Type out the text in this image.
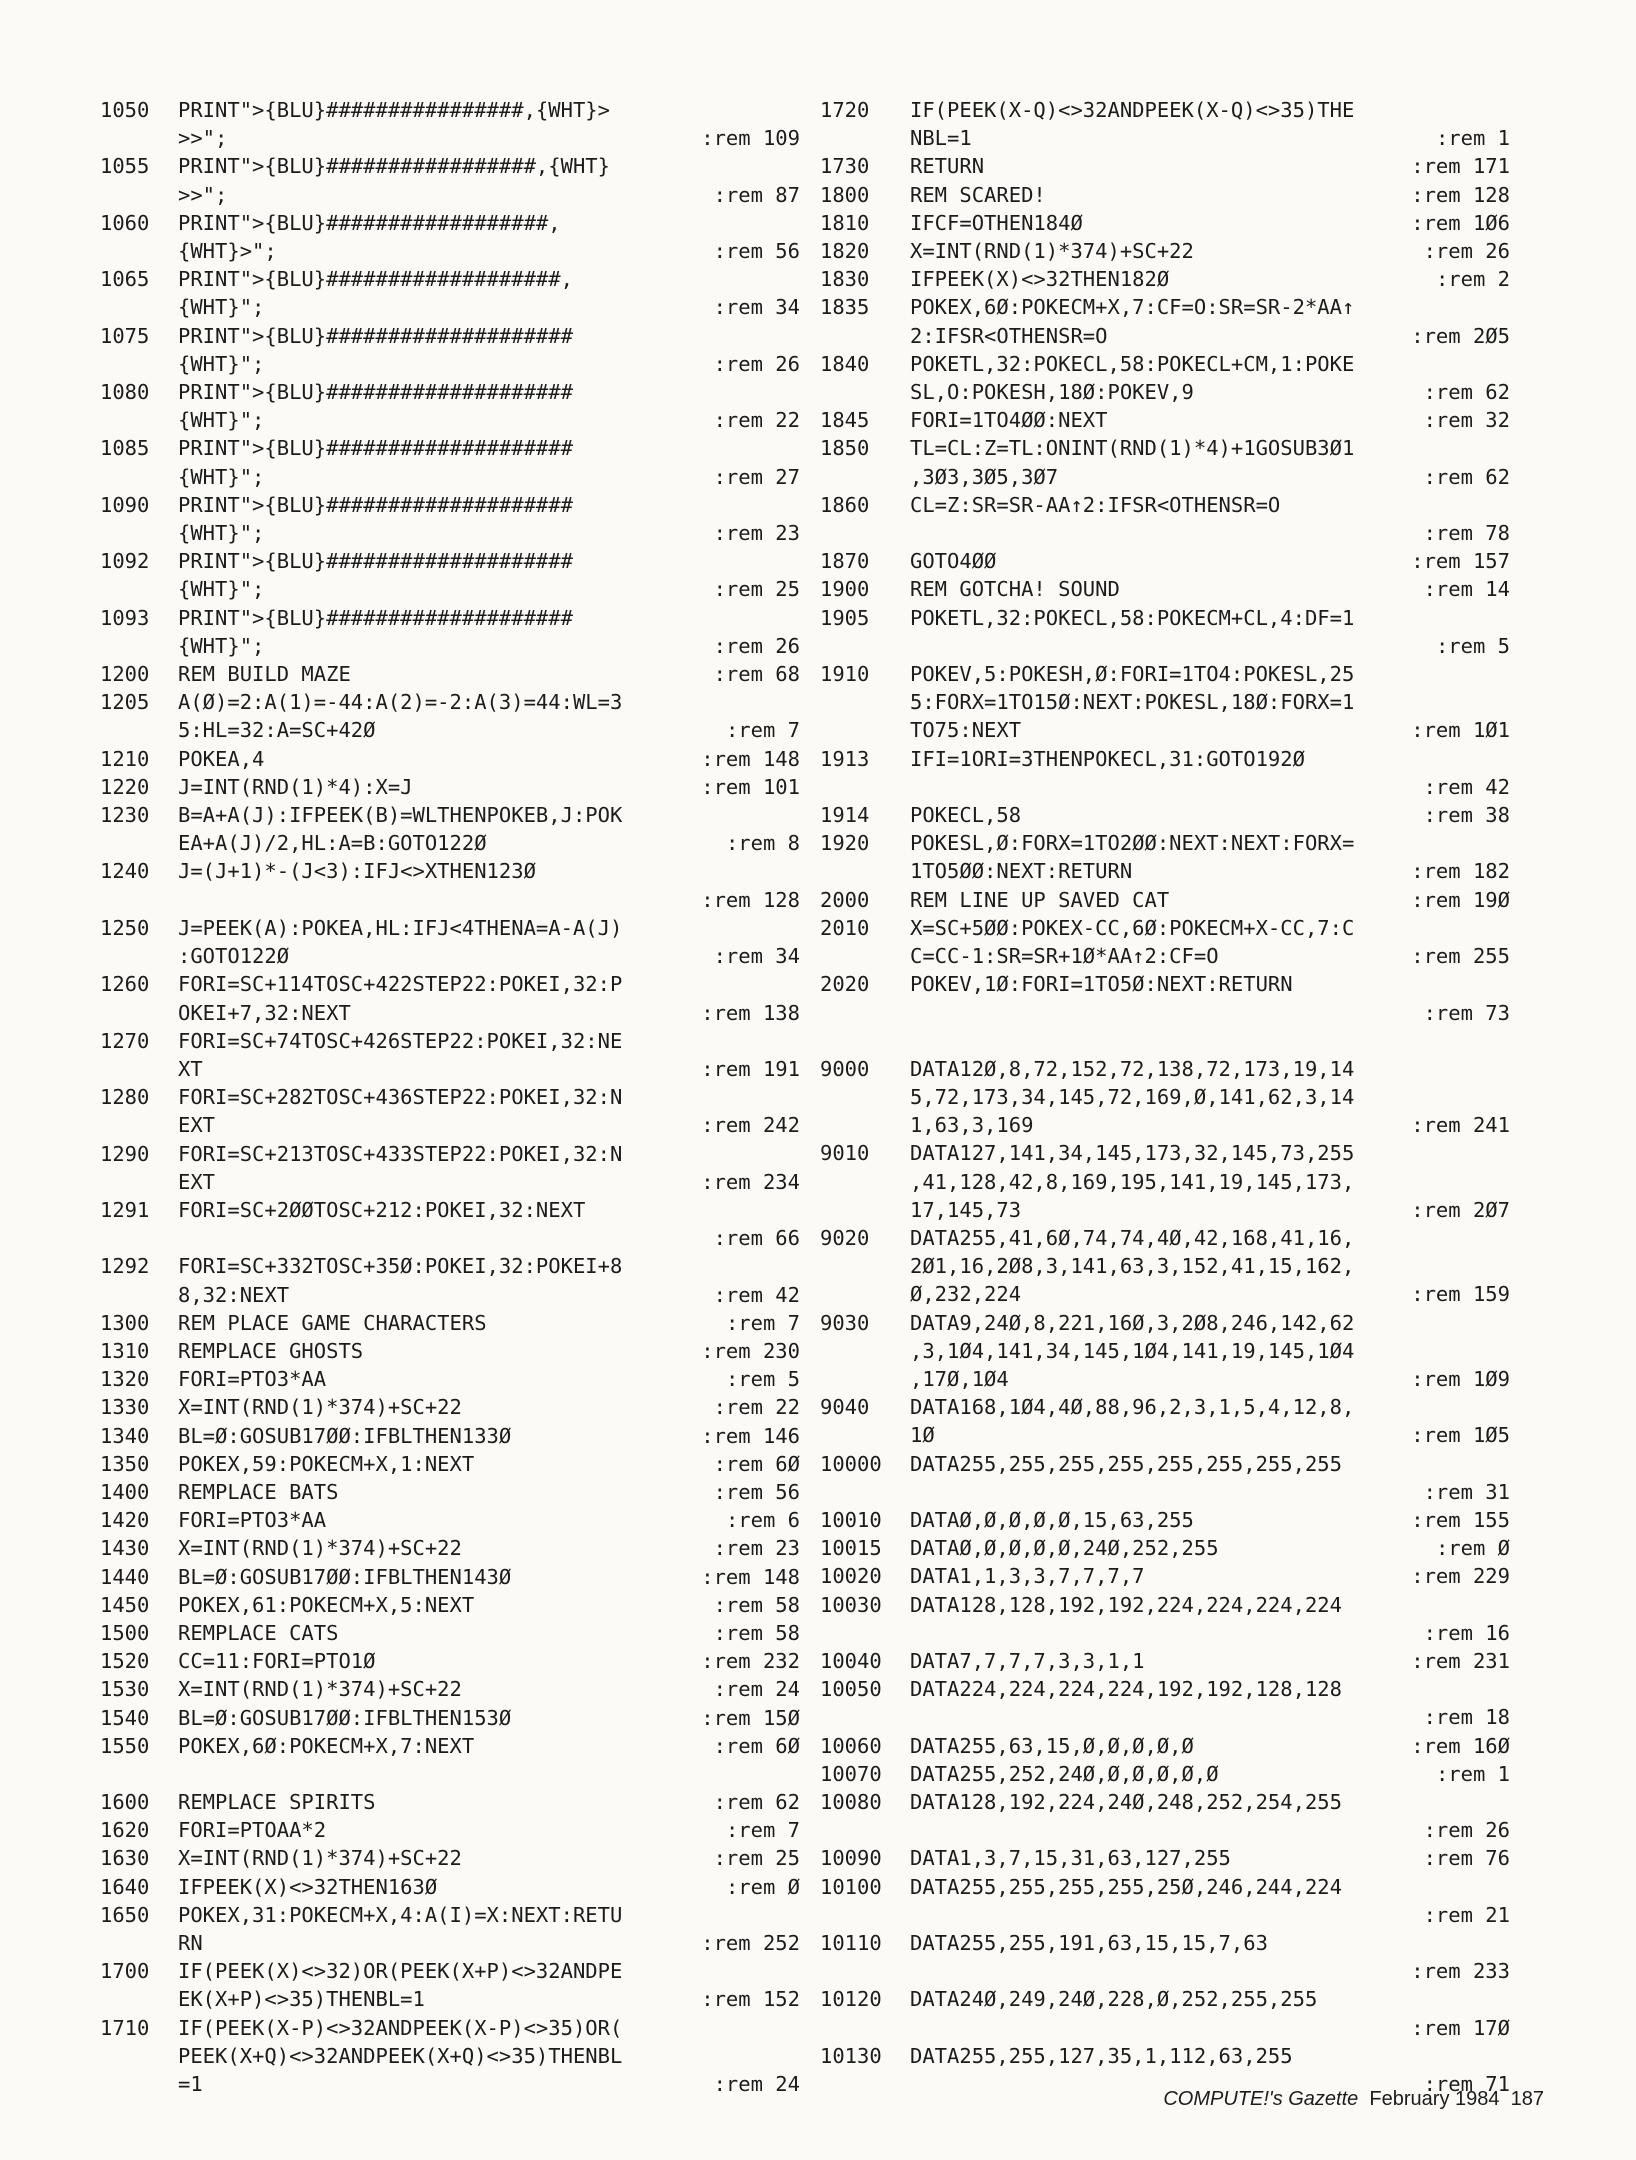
1050	PRINT">{BLU}################,{WHT}>
>>";	:rem 109
1055	PRINT">{BLU}#################,{WHT}
>>";	:rem 87
1060	PRINT">{BLU}##################,
{WHT}>";	:rem 56
1065	PRINT">{BLU}###################,
{WHT}";	:rem 34
1075	PRINT">{BLU}####################
{WHT}";	:rem 26
1080	PRINT">{BLU}####################
{WHT}";	:rem 22
1085	PRINT">{BLU}####################
{WHT}";	:rem 27
1090	PRINT">{BLU}####################
{WHT}";	:rem 23
1092	PRINT">{BLU}####################
{WHT}";	:rem 25
1093	PRINT">{BLU}####################
{WHT}";	:rem 26
1200	REM BUILD MAZE	:rem 68
1205	A(Ø)=2:A(1)=-44:A(2)=-2:A(3)=44:WL=3
5:HL=32:A=SC+42Ø	:rem 7
1210	POKEA,4	:rem 148
1220	J=INT(RND(1)*4):X=J	:rem 101
1230	B=A+A(J):IFPEEK(B)=WLTHENPOKEB,J:POK
EA+A(J)/2,HL:A=B:GOTO122Ø	:rem 8
1240	J=(J+1)*-(J<3):IFJ<>XTHEN123Ø
:rem 128
1250	J=PEEK(A):POKEA,HL:IFJ<4THENA=A-A(J)
:GOTO122Ø	:rem 34
1260	FORI=SC+114TOSC+422STEP22:POKEI,32:P
OKEI+7,32:NEXT	:rem 138
1270	FORI=SC+74TOSC+426STEP22:POKEI,32:NE
XT	:rem 191
1280	FORI=SC+282TOSC+436STEP22:POKEI,32:N
EXT	:rem 242
1290	FORI=SC+213TOSC+433STEP22:POKEI,32:N
EXT	:rem 234
1291	FORI=SC+2ØØTOSC+212:POKEI,32:NEXT
:rem 66
1292	FORI=SC+332TOSC+35Ø:POKEI,32:POKEI+8
8,32:NEXT	:rem 42
1300	REM PLACE GAME CHARACTERS	:rem 7
1310	REMPLACE GHOSTS	:rem 230
1320	FORI=PTO3*AA	:rem 5
1330	X=INT(RND(1)*374)+SC+22	:rem 22
1340	BL=Ø:GOSUB17ØØ:IFBLTHEN133Ø	:rem 146
1350	POKEX,59:POKECM+X,1:NEXT	:rem 6Ø
1400	REMPLACE BATS	:rem 56
1420	FORI=PTO3*AA	:rem 6
1430	X=INT(RND(1)*374)+SC+22	:rem 23
1440	BL=Ø:GOSUB17ØØ:IFBLTHEN143Ø	:rem 148
1450	POKEX,61:POKECM+X,5:NEXT	:rem 58
1500	REMPLACE CATS	:rem 58
1520	CC=11:FORI=PTO1Ø	:rem 232
1530	X=INT(RND(1)*374)+SC+22	:rem 24
1540	BL=Ø:GOSUB17ØØ:IFBLTHEN153Ø	:rem 15Ø
1550	POKEX,6Ø:POKECM+X,7:NEXT	:rem 6Ø
1600	REMPLACE SPIRITS	:rem 62
1620	FORI=PTOAA*2	:rem 7
1630	X=INT(RND(1)*374)+SC+22	:rem 25
1640	IFPEEK(X)<>32THEN163Ø	:rem Ø
1650	POKEX,31:POKECM+X,4:A(I)=X:NEXT:RETU
RN	:rem 252
1700	IF(PEEK(X)<>32)OR(PEEK(X+P)<>32ANDPE
EK(X+P)<>35)THENBL=1	:rem 152
1710	IF(PEEK(X-P)<>32ANDPEEK(X-P)<>35)OR(
PEEK(X+Q)<>32ANDPEEK(X+Q)<>35)THENBL
=1	:rem 24
1720	IF(PEEK(X-Q)<>32ANDPEEK(X-Q)<>35)THE
NBL=1	:rem 1
1730	RETURN	:rem 171
1800	REM SCARED!	:rem 128
1810	IFCF=OTHEN184Ø	:rem 1Ø6
1820	X=INT(RND(1)*374)+SC+22	:rem 26
1830	IFPEEK(X)<>32THEN182Ø	:rem 2
1835	POKEX,6Ø:POKECM+X,7:CF=O:SR=SR-2*AA↑
2:IFSR<OTHENSR=O	:rem 2Ø5
1840	POKETL,32:POKECL,58:POKECL+CM,1:POKE
SL,O:POKESH,18Ø:POKEV,9	:rem 62
1845	FORI=1TO4ØØ:NEXT	:rem 32
1850	TL=CL:Z=TL:ONINT(RND(1)*4)+1GOSUB3Ø1
,3Ø3,3Ø5,3Ø7	:rem 62
1860	CL=Z:SR=SR-AA↑2:IFSR<OTHENSR=O
:rem 78
1870	GOTO4ØØ	:rem 157
1900	REM GOTCHA! SOUND	:rem 14
1905	POKETL,32:POKECL,58:POKECM+CL,4:DF=1
:rem 5
1910	POKEV,5:POKESH,Ø:FORI=1TO4:POKESL,25
5:FORX=1TO15Ø:NEXT:POKESL,18Ø:FORX=1
TO75:NEXT	:rem 1Ø1
1913	IFI=1ORI=3THENPOKECL,31:GOTO192Ø
:rem 42
1914	POKECL,58	:rem 38
1920	POKESL,Ø:FORX=1TO2ØØ:NEXT:NEXT:FORX=
1TO5ØØ:NEXT:RETURN	:rem 182
2000	REM LINE UP SAVED CAT	:rem 19Ø
2010	X=SC+5ØØ:POKEX-CC,6Ø:POKECM+X-CC,7:C
C=CC-1:SR=SR+1Ø*AA↑2:CF=O	:rem 255
2020	POKEV,1Ø:FORI=1TO5Ø:NEXT:RETURN
:rem 73
9000	DATA12Ø,8,72,152,72,138,72,173,19,14
5,72,173,34,145,72,169,Ø,141,62,3,14
1,63,3,169	:rem 241
9010	DATA127,141,34,145,173,32,145,73,255
,41,128,42,8,169,195,141,19,145,173,
17,145,73	:rem 2Ø7
9020	DATA255,41,6Ø,74,74,4Ø,42,168,41,16,
2Ø1,16,2Ø8,3,141,63,3,152,41,15,162,
Ø,232,224	:rem 159
9030	DATA9,24Ø,8,221,16Ø,3,2Ø8,246,142,62
,3,1Ø4,141,34,145,1Ø4,141,19,145,1Ø4
,17Ø,1Ø4	:rem 1Ø9
9040	DATA168,1Ø4,4Ø,88,96,2,3,1,5,4,12,8,
1Ø	:rem 1Ø5
10000	DATA255,255,255,255,255,255,255,255
:rem 31
10010	DATAØ,Ø,Ø,Ø,Ø,15,63,255	:rem 155
10015	DATAØ,Ø,Ø,Ø,Ø,24Ø,252,255	:rem Ø
10020	DATA1,1,3,3,7,7,7,7	:rem 229
10030	DATA128,128,192,192,224,224,224,224
:rem 16
10040	DATA7,7,7,7,3,3,1,1	:rem 231
10050	DATA224,224,224,224,192,192,128,128
:rem 18
10060	DATA255,63,15,Ø,Ø,Ø,Ø,Ø	:rem 16Ø
10070	DATA255,252,24Ø,Ø,Ø,Ø,Ø,Ø	:rem 1
10080	DATA128,192,224,24Ø,248,252,254,255
:rem 26
10090	DATA1,3,7,15,31,63,127,255	:rem 76
10100	DATA255,255,255,255,25Ø,246,244,224
:rem 21
10110	DATA255,255,191,63,15,15,7,63
:rem 233
10120	DATA24Ø,249,24Ø,228,Ø,252,255,255
:rem 17Ø
10130	DATA255,255,127,35,1,112,63,255
:rem 71
COMPUTE!'s Gazette February 1984 187
